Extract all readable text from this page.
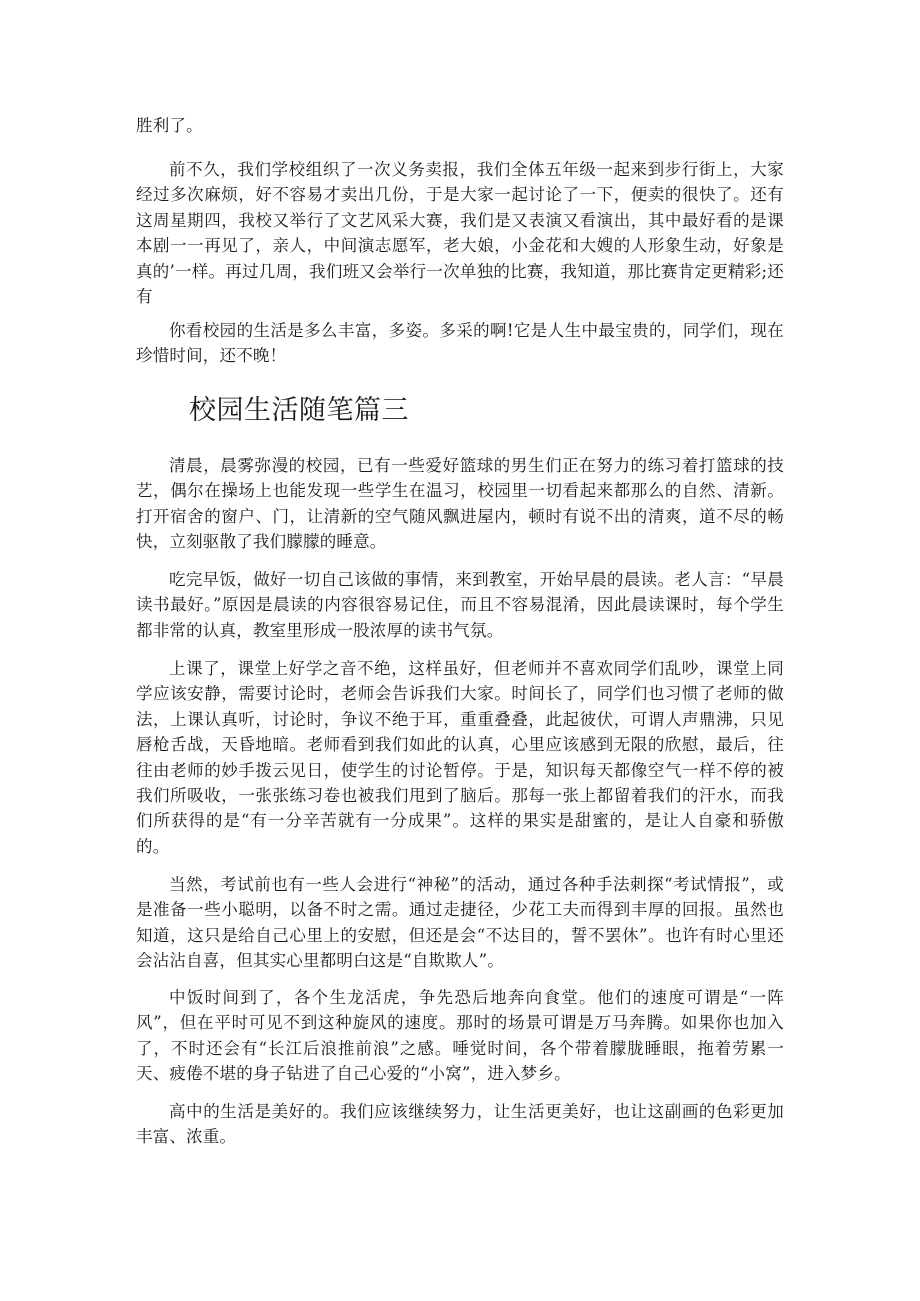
胜利了。

前不久，我们学校组织了一次义务卖报，我们全体五年级一起来到步行街上，大家经过多次麻烦，好不容易才卖出几份，于是大家一起讨论了一下，便卖的很快了。还有这周星期四，我校又举行了文艺风采大赛，我们是又表演又看演出，其中最好看的是课本剧一一再见了，亲人，中间演志愿军，老大娘，小金花和大嫂的人形象生动，好象是真的’一样。再过几周，我们班又会举行一次单独的比赛，我知道，那比赛肯定更精彩;还有

你看校园的生活是多么丰富，多姿。多采的啊!它是人生中最宝贵的，同学们，现在珍惜时间，还不晚！

校园生活随笔篇三

清晨，晨雾弥漫的校园，已有一些爱好篮球的男生们正在努力的练习着打篮球的技艺，偶尔在操场上也能发现一些学生在温习，校园里一切看起来都那么的自然、清新。打开宿舍的窗户、门，让清新的空气随风飘进屋内，顿时有说不出的清爽，道不尽的畅快，立刻驱散了我们朦朦的睡意。

吃完早饭，做好一切自己该做的事情，来到教室，开始早晨的晨读。老人言：“早晨读书最好。”原因是晨读的内容很容易记住，而且不容易混淆，因此晨读课时，每个学生都非常的认真，教室里形成一股浓厚的读书气氛。

上课了，课堂上好学之音不绝，这样虽好，但老师并不喜欢同学们乱吵，课堂上同学应该安静，需要讨论时，老师会告诉我们大家。时间长了，同学们也习惯了老师的做法，上课认真听，讨论时，争议不绝于耳，重重叠叠，此起彼伏，可谓人声鼎沸，只见唇枪舌战，天昏地暗。老师看到我们如此的认真，心里应该感到无限的欣慰，最后，往往由老师的妙手拨云见日，使学生的讨论暂停。于是，知识每天都像空气一样不停的被我们所吸收，一张张练习卷也被我们甩到了脑后。那每一张上都留着我们的汗水，而我们所获得的是“有一分辛苦就有一分成果”。这样的果实是甜蜜的，是让人自豪和骄傲的。

当然，考试前也有一些人会进行“神秘”的活动，通过各种手法刺探“考试情报”，或是准备一些小聪明，以备不时之需。通过走捷径，少花工夫而得到丰厚的回报。虽然也知道，这只是给自己心里上的安慰，但还是会“不达目的，誓不罢休”。也许有时心里还会沾沾自喜，但其实心里都明白这是“自欺欺人”。

中饭时间到了，各个生龙活虎，争先恐后地奔向食堂。他们的速度可谓是“一阵风”，但在平时可见不到这种旋风的速度。那时的场景可谓是万马奔腾。如果你也加入了，不时还会有“长江后浪推前浪”之感。唾觉时间，各个带着朦胧睡眼，拖着劳累一天、疲倦不堪的身子钻进了自己心爱的“小窝”，进入梦乡。

高中的生活是美好的。我们应该继续努力，让生活更美好，也让这副画的色彩更加丰富、浓重。
